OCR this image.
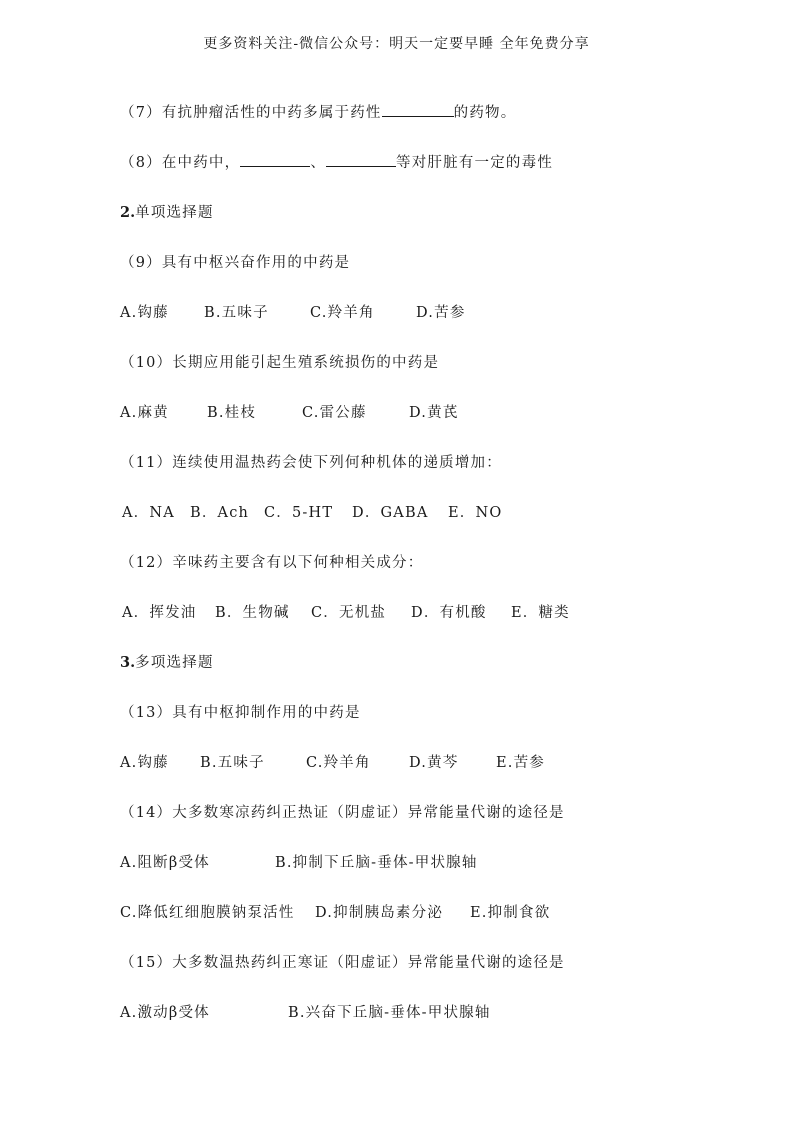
更多资料关注-微信公众号：明天一定要早睡 全年免费分享
（7）有抗肿瘤活性的中药多属于药性	的药物。
（8）在中药中，	、	等对肝脏有一定的毒性
2.单项选择题
（9）具有中枢兴奋作用的中药是
A.钩藤 B.五味子	C.羚羊角	D.苦参
（10）长期应用能引起生殖系统损伤的中药是
A.麻黄	B.桂枝	C.雷公藤	D.黄芪
（11）连续使用温热药会使下列何种机体的递质增加：
A．NA B．Ach C．5-HT D．GABA E．NO
（12）辛味药主要含有以下何种相关成分：
A．挥发油 B．生物碱 C．无机盐 D．有机酸 E．糖类
3.多项选择题
（13）具有中枢抑制作用的中药是
A.钩藤 B.五味子	C.羚羊角	D.黄芩	E.苦参
（14）大多数寒凉药纠正热证（阴虚证）异常能量代谢的途径是
A.阻断β受体	B.抑制下丘脑-垂体-甲状腺轴
C.降低红细胞膜钠泵活性 D.抑制胰岛素分泌 E.抑制食欲
（15）大多数温热药纠正寒证（阳虚证）异常能量代谢的途径是
A.激动β受体	B.兴奋下丘脑-垂体-甲状腺轴
